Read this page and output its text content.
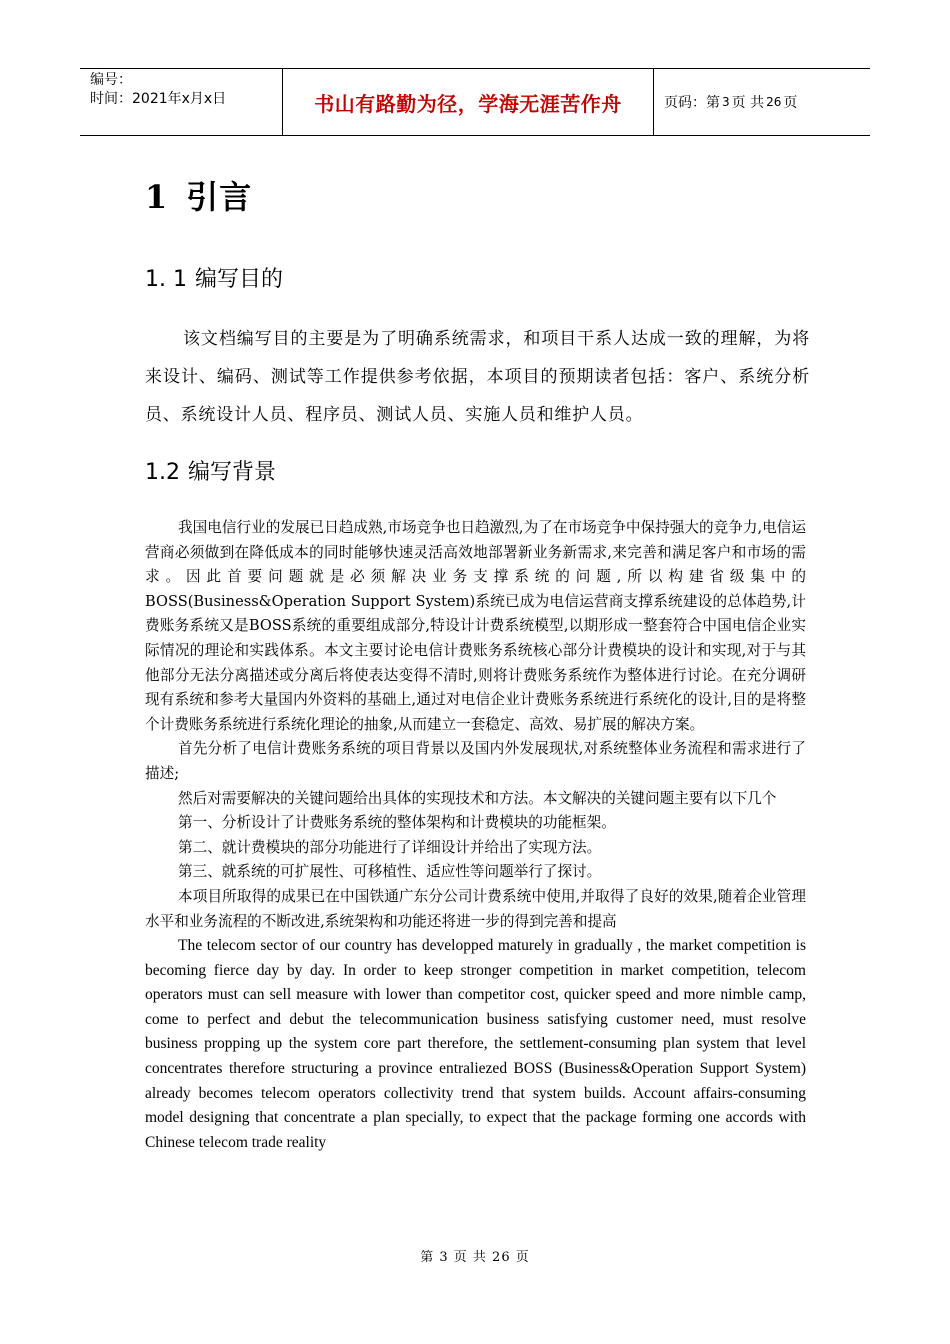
编号：
时间：2021年x月x日	书山有路勤为径，学海无涯苦作舟	页码：第 3 页 共 26 页
1 引言
1. 1 编写目的

该文档编写目的主要是为了明确系统需求，和项目干系人达成一致的理解，为将来设计、编码、测试等工作提供参考依据，本项目的预期读者包括：客户、系统分析员、系统设计人员、程序员、测试人员、实施人员和维护人员。

1.2 编写背景

我国电信行业的发展已日趋成熟,市场竞争也日趋激烈,为了在市场竞争中保持强大的竞争力,电信运营商必须做到在降低成本的同时能够快速灵活高效地部署新业务新需求,来完善和满足客户和市场的需求。因此首要问题就是必须解决业务支撑系统的问题,所以构建省级集中的BOSS(Business&Operation Support System)系统已成为电信运营商支撑系统建设的总体趋势,计费账务系统又是BOSS系统的重要组成部分,特设计计费系统模型,以期形成一整套符合中国电信企业实际情况的理论和实践体系。本文主要讨论电信计费账务系统核心部分计费模块的设计和实现,对于与其他部分无法分离描述或分离后将使表达变得不清时,则将计费账务系统作为整体进行讨论。在充分调研现有系统和参考大量国内外资料的基础上,通过对电信企业计费账务系统进行系统化的设计,目的是将整个计费账务系统进行系统化理论的抽象,从而建立一套稳定、高效、易扩展的解决方案。

首先分析了电信计费账务系统的项目背景以及国内外发展现状,对系统整体业务流程和需求进行了描述;

然后对需要解决的关键问题给出具体的实现技术和方法。本文解决的关键问题主要有以下几个

第一、分析设计了计费账务系统的整体架构和计费模块的功能框架。

第二、就计费模块的部分功能进行了详细设计并给出了实现方法。

第三、就系统的可扩展性、可移植性、适应性等问题举行了探讨。

本项目所取得的成果已在中国铁通广东分公司计费系统中使用,并取得了良好的效果,随着企业管理水平和业务流程的不断改进,系统架构和功能还将进一步的得到完善和提高

The telecom sector of our country has developped maturely in gradually , the market competition is becoming fierce day by day. In order to keep stronger competition in market competition, telecom operators must can sell measure with lower than competitor cost, quicker speed and more nimble camp, come to perfect and debut the telecommunication business satisfying customer need, must resolve business propping up the system core part therefore, the settlement-consuming plan system that level concentrates therefore structuring a province entraliezed BOSS (Business&Operation Support System) already becomes telecom operators collectivity trend that system builds. Account affairs-consuming model designing that concentrate a plan specially, to expect that the package forming one accords with Chinese telecom trade reality

第 3 页 共 26 页
